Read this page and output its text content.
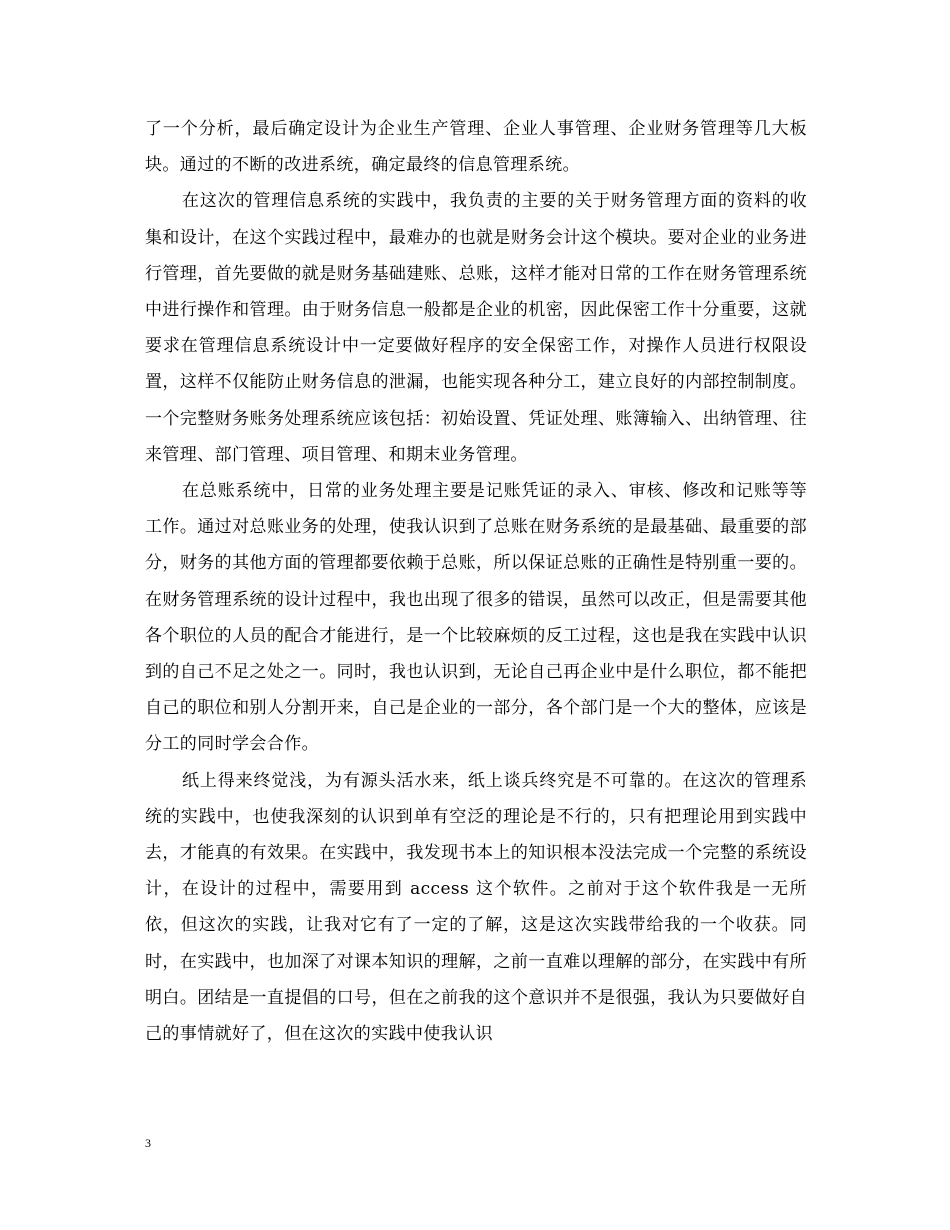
了一个分析，最后确定设计为企业生产管理、企业人事管理、企业财务管理等几大板块。通过的不断的改进系统，确定最终的信息管理系统。

在这次的管理信息系统的实践中，我负责的主要的关于财务管理方面的资料的收集和设计，在这个实践过程中，最难办的也就是财务会计这个模块。要对企业的业务进行管理，首先要做的就是财务基础建账、总账，这样才能对日常的工作在财务管理系统中进行操作和管理。由于财务信息一般都是企业的机密，因此保密工作十分重要，这就要求在管理信息系统设计中一定要做好程序的安全保密工作，对操作人员进行权限设置，这样不仅能防止财务信息的泄漏，也能实现各种分工，建立良好的内部控制制度。一个完整财务账务处理系统应该包括：初始设置、凭证处理、账簿输入、出纳管理、往来管理、部门管理、项目管理、和期末业务管理。

在总账系统中，日常的业务处理主要是记账凭证的录入、审核、修改和记账等等工作。通过对总账业务的处理，使我认识到了总账在财务系统的是最基础、最重要的部分，财务的其他方面的管理都要依赖于总账，所以保证总账的正确性是特别重一要的。在财务管理系统的设计过程中，我也出现了很多的错误，虽然可以改正，但是需要其他各个职位的人员的配合才能进行，是一个比较麻烦的反工过程，这也是我在实践中认识到的自己不足之处之一。同时，我也认识到，无论自己再企业中是什么职位，都不能把自己的职位和别人分割开来，自己是企业的一部分，各个部门是一个大的整体，应该是分工的同时学会合作。

纸上得来终觉浅，为有源头活水来，纸上谈兵终究是不可靠的。在这次的管理系统的实践中，也使我深刻的认识到单有空泛的理论是不行的，只有把理论用到实践中去，才能真的有效果。在实践中，我发现书本上的知识根本没法完成一个完整的系统设计，在设计的过程中，需要用到 access 这个软件。之前对于这个软件我是一无所依，但这次的实践，让我对它有了一定的了解，这是这次实践带给我的一个收获。同时，在实践中，也加深了对课本知识的理解，之前一直难以理解的部分，在实践中有所明白。团结是一直提倡的口号，但在之前我的这个意识并不是很强，我认为只要做好自己的事情就好了，但在这次的实践中使我认识

3
